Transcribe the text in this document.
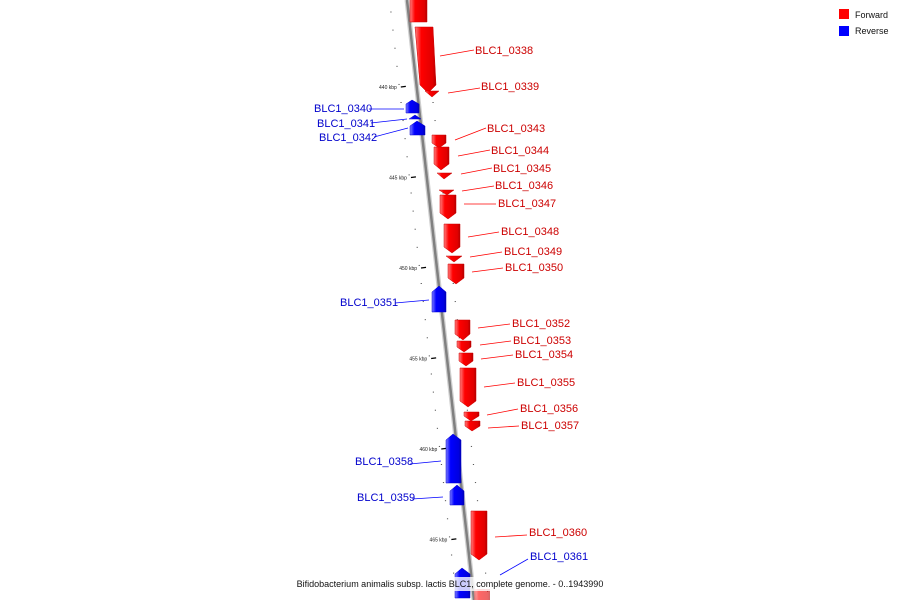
440 kbp
445 kbp
450 kbp
455 kbp
460 kbp
465 kbp
BLC1_0338
BLC1_0339
BLC1_0340
BLC1_0341
BLC1_0342
BLC1_0343
BLC1_0344
BLC1_0345
BLC1_0346
BLC1_0347
BLC1_0348
BLC1_0349
BLC1_0350
BLC1_0351
BLC1_0352
BLC1_0353
BLC1_0354
BLC1_0355
BLC1_0356
BLC1_0357
BLC1_0358
BLC1_0359
BLC1_0360
BLC1_0361
Forward
Reverse
Bifidobacterium animalis subsp. lactis BLC1, complete genome. - 0..1943990
